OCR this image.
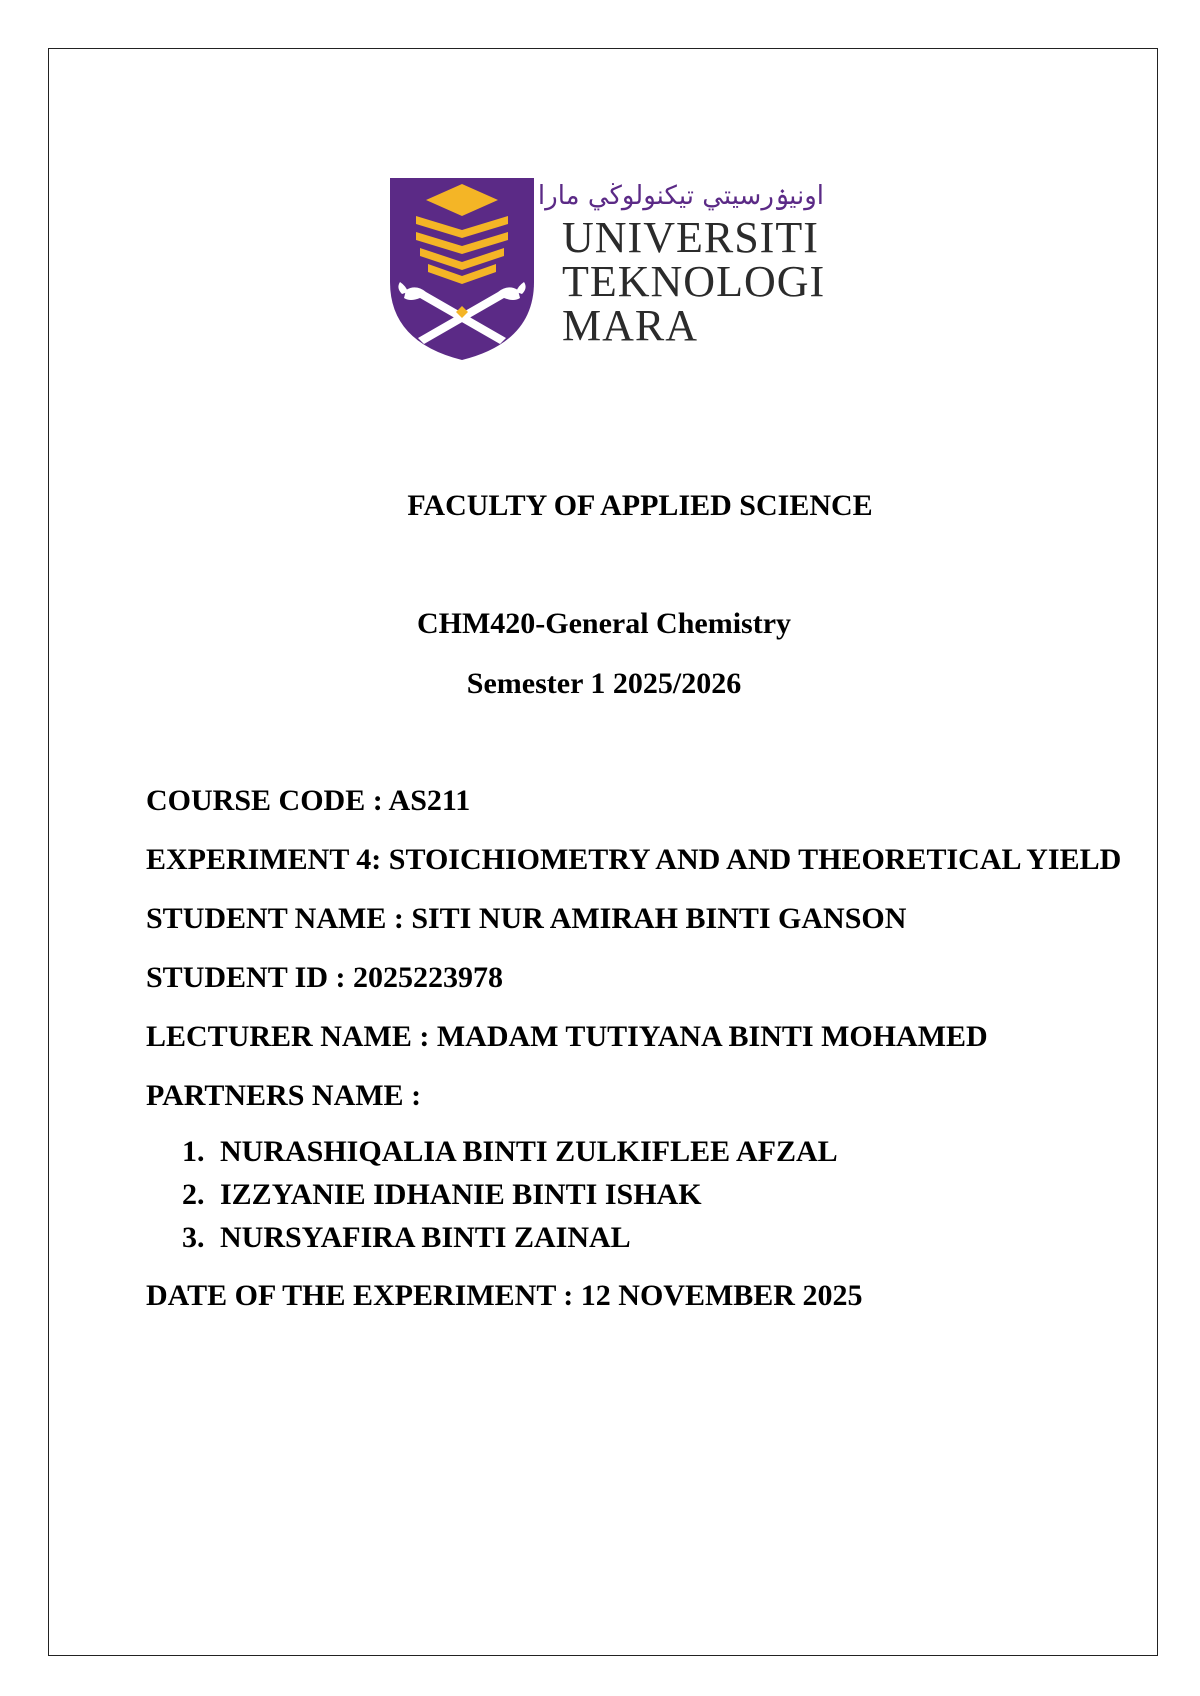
اونيۏرسيتي تيكنولوڬي مارا
UNIVERSITI
TEKNOLOGI
MARA
FACULTY OF APPLIED SCIENCE
CHM420-General Chemistry
Semester 1 2025/2026
COURSE CODE : AS211
EXPERIMENT 4: STOICHIOMETRY AND AND THEORETICAL YIELD
STUDENT NAME : SITI NUR AMIRAH BINTI GANSON
STUDENT ID : 2025223978
LECTURER NAME : MADAM TUTIYANA BINTI MOHAMED
PARTNERS NAME :
1. NURASHIQALIA BINTI ZULKIFLEE AFZAL
2. IZZYANIE IDHANIE BINTI ISHAK
3. NURSYAFIRA BINTI ZAINAL
DATE OF THE EXPERIMENT : 12 NOVEMBER 2025
